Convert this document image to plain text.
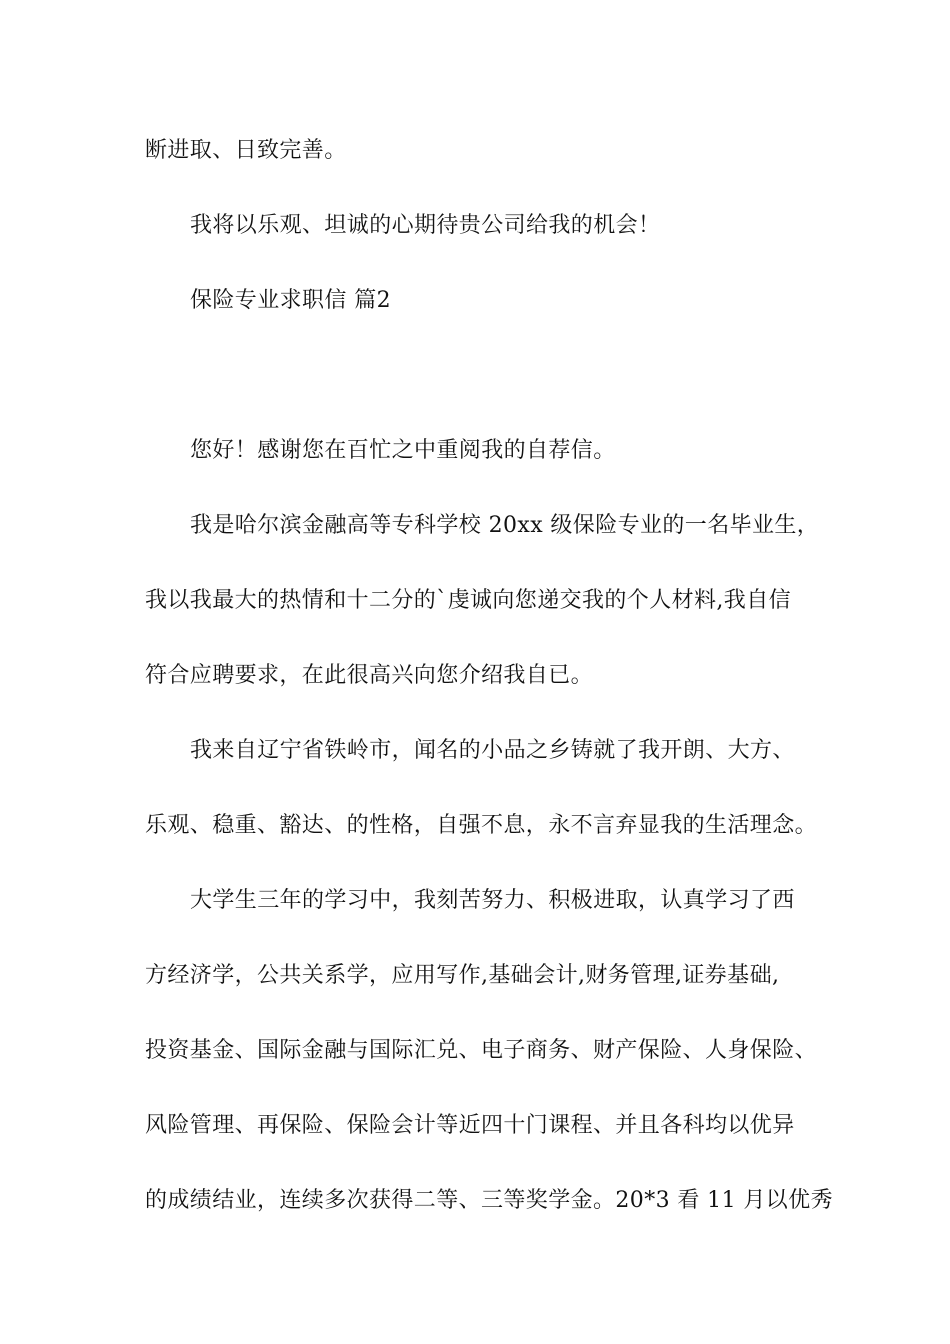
断进取、日致完善。
我将以乐观、坦诚的心期待贵公司给我的机会！
保险专业求职信 篇2
您好！感谢您在百忙之中重阅我的自荐信。
我是哈尔滨金融高等专科学校 20xx 级保险专业的一名毕业生，
我以我最大的热情和十二分的`虔诚向您递交我的个人材料,我自信
符合应聘要求，在此很高兴向您介绍我自已。
我来自辽宁省铁岭市，闻名的小品之乡铸就了我开朗、大方、
乐观、稳重、豁达、的性格，自强不息，永不言弃显我的生活理念。
大学生三年的学习中，我刻苦努力、积极进取，认真学习了西
方经济学，公共关系学，应用写作,基础会计,财务管理,证券基础,
投资基金、国际金融与国际汇兑、电子商务、财产保险、人身保险、
风险管理、再保险、保险会计等近四十门课程、并且各科均以优异
的成绩结业，连续多次获得二等、三等奖学金。20*3 看 11 月以优秀
